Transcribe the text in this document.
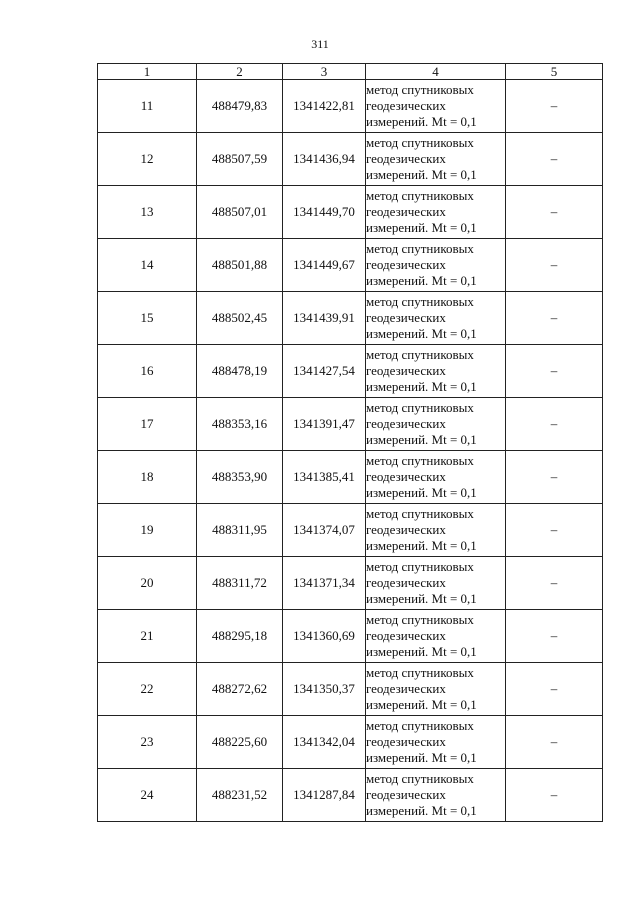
311
1	2	3	4	5
11	488479,83	1341422,81	метод спутниковых
геодезических
измерений. Mt = 0,1	–
12	488507,59	1341436,94	метод спутниковых
геодезических
измерений. Mt = 0,1	–
13	488507,01	1341449,70	метод спутниковых
геодезических
измерений. Mt = 0,1	–
14	488501,88	1341449,67	метод спутниковых
геодезических
измерений. Mt = 0,1	–
15	488502,45	1341439,91	метод спутниковых
геодезических
измерений. Mt = 0,1	–
16	488478,19	1341427,54	метод спутниковых
геодезических
измерений. Mt = 0,1	–
17	488353,16	1341391,47	метод спутниковых
геодезических
измерений. Mt = 0,1	–
18	488353,90	1341385,41	метод спутниковых
геодезических
измерений. Mt = 0,1	–
19	488311,95	1341374,07	метод спутниковых
геодезических
измерений. Mt = 0,1	–
20	488311,72	1341371,34	метод спутниковых
геодезических
измерений. Mt = 0,1	–
21	488295,18	1341360,69	метод спутниковых
геодезических
измерений. Mt = 0,1	–
22	488272,62	1341350,37	метод спутниковых
геодезических
измерений. Mt = 0,1	–
23	488225,60	1341342,04	метод спутниковых
геодезических
измерений. Mt = 0,1	–
24	488231,52	1341287,84	метод спутниковых
геодезических
измерений. Mt = 0,1	–
